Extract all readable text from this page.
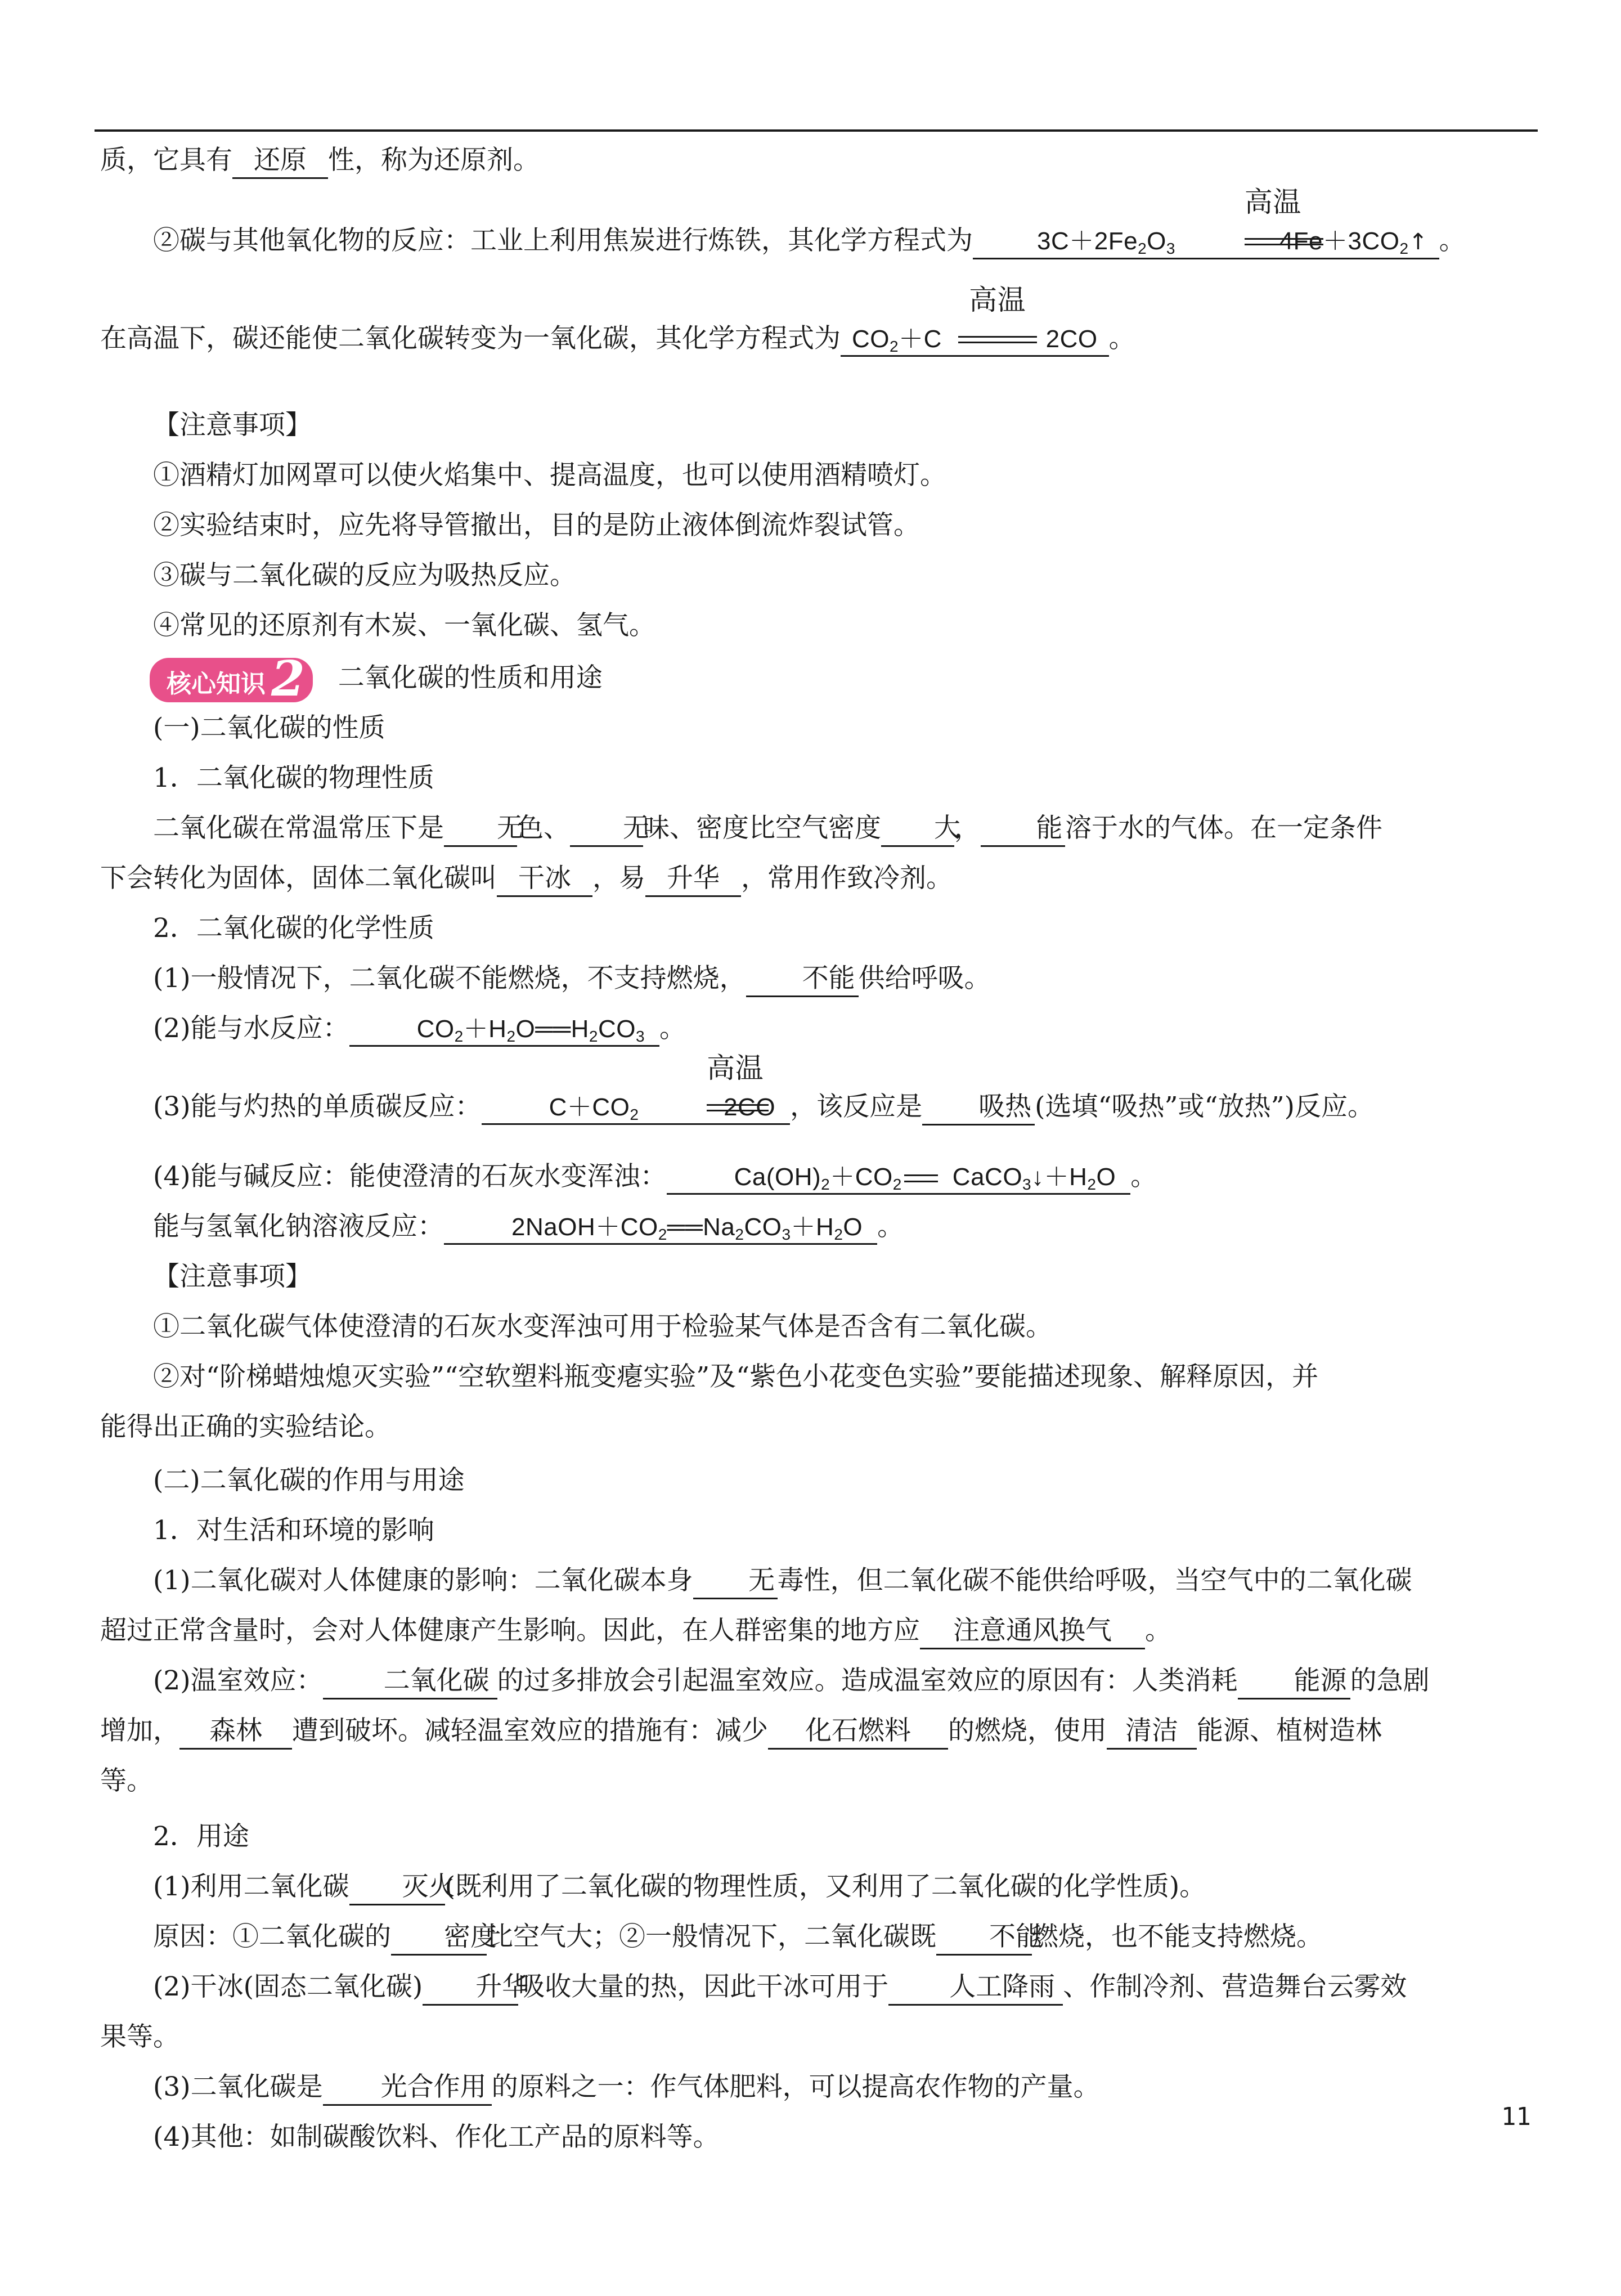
质，它具有 还原 性，称为还原剂。

②碳与其他氧化物的反应：工业上利用焦炭进行炼铁，其化学方程式为	$3C+2Fe_2O_3$
高温
$4Fe+3CO_2↑$ 。

在高温下，碳还能使二氧化碳转变为一氧化碳，其化学方程式为 $CO_2+C$
高温
2CO 。

【注意事项】

①酒精灯加网罩可以使火焰集中、提高温度，也可以使用酒精喷灯。

②实验结束时，应先将导管撤出，目的是防止液体倒流炸裂试管。

③碳与二氧化碳的反应为吸热反应。

④常见的还原剂有木炭、一氧化碳、氢气。

核心知识 2 二氧化碳的性质和用途

(一)二氧化碳的性质

1．二氧化碳的物理性质

二氧化碳在常温常压下是 无色、 无味、密度比空气密度 大， 能溶于水的气体。在一定条件

下会转化为固体，固体二氧化碳叫 干冰 ，易 升华 ，常用作致冷剂。

2．二氧化碳的化学性质

(1)一般情况下，二氧化碳不能燃烧，不支持燃烧， 不能 供给呼吸。

(2)能与水反应：	$CO_2+H_2O══H_2CO_3$ 。

(3)能与灼热的单质碳反应：	$C+CO_2$
高温
2CO ，该反应是 吸热 (选填“吸热”或“放热”)反应。

(4)能与碱反应：能使澄清的石灰水变浑浊：	$Ca(OH)_2+CO_2$ $CaCO_3↓+H_2O$ 。

能与氢氧化钠溶液反应：	$2NaOH+CO_2══Na_2CO_3+H_2O$ 。

【注意事项】

①二氧化碳气体使澄清的石灰水变浑浊可用于检验某气体是否含有二氧化碳。

②对“阶梯蜡烛熄灭实验”“空软塑料瓶变瘪实验”及“紫色小花变色实验”要能描述现象、解释原因，并

能得出正确的实验结论。

(二)二氧化碳的作用与用途

1．对生活和环境的影响

(1)二氧化碳对人体健康的影响：二氧化碳本身 无毒性，但二氧化碳不能供给呼吸，当空气中的二氧化碳

超过正常含量时，会对人体健康产生影响。因此，在人群密集的地方应 注意通风换气 。

(2)温室效应： 二氧化碳 的过多排放会引起温室效应。造成温室效应的原因有：人类消耗 能源 的急剧

增加， 森林 遭到破坏。减轻温室效应的措施有：减少 化石燃料 的燃烧，使用 清洁 能源、植树造林

等。

2．用途

(1)利用二氧化碳 灭火(既利用了二氧化碳的物理性质，又利用了二氧化碳的化学性质)。

原因：①二氧化碳的 密度比空气大；②一般情况下，二氧化碳既 不能燃烧，也不能支持燃烧。

(2)干冰(固态二氧化碳) 升华吸收大量的热，因此干冰可用于 人工降雨 、作制冷剂、营造舞台云雾效

果等。

(3)二氧化碳是 光合作用 的原料之一：作气体肥料，可以提高农作物的产量。

(4)其他：如制碳酸饮料、作化工产品的原料等。

11
